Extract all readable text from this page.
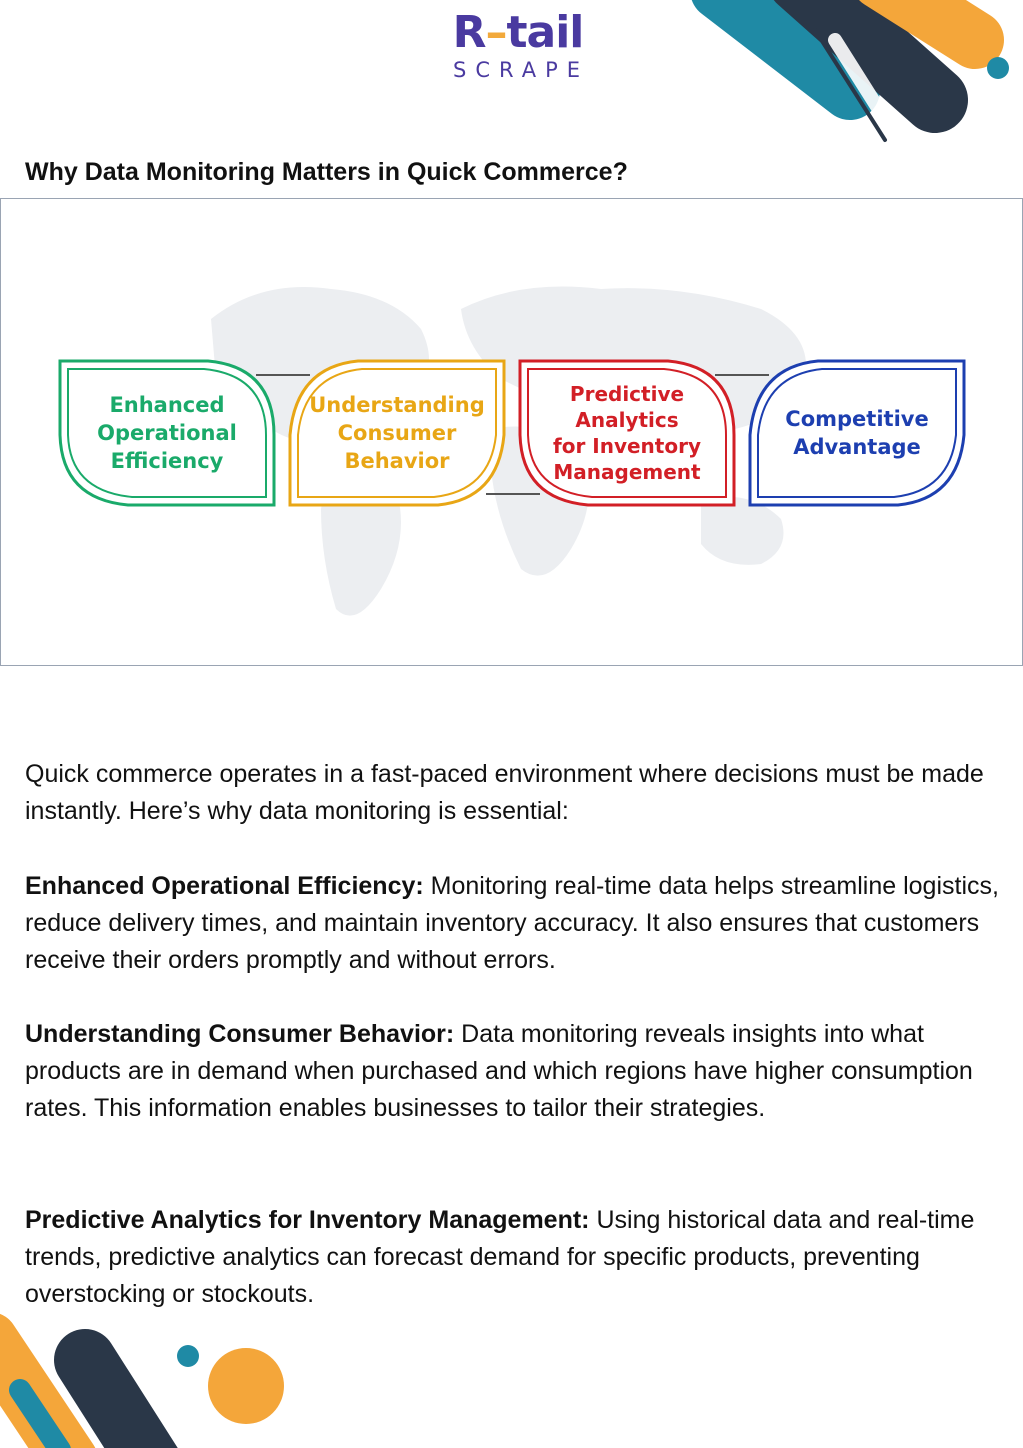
R–tail
SCRAPE
Why Data Monitoring Matters in Quick Commerce?
Enhanced
Operational
Efficiency
Understanding
Consumer
Behavior
Predictive
Analytics
for Inventory
Management
Competitive
Advantage

Quick commerce operates in a fast-paced environment where decisions must be made instantly. Here’s why data monitoring is essential:

Enhanced Operational Efficiency: Monitoring real-time data helps streamline logistics, reduce delivery times, and maintain inventory accuracy. It also ensures that customers receive their orders promptly and without errors.

Understanding Consumer Behavior: Data monitoring reveals insights into what products are in demand when purchased and which regions have higher consumption rates. This information enables businesses to tailor their strategies.

Predictive Analytics for Inventory Management: Using historical data and real-time trends, predictive analytics can forecast demand for specific products, preventing overstocking or stockouts.
